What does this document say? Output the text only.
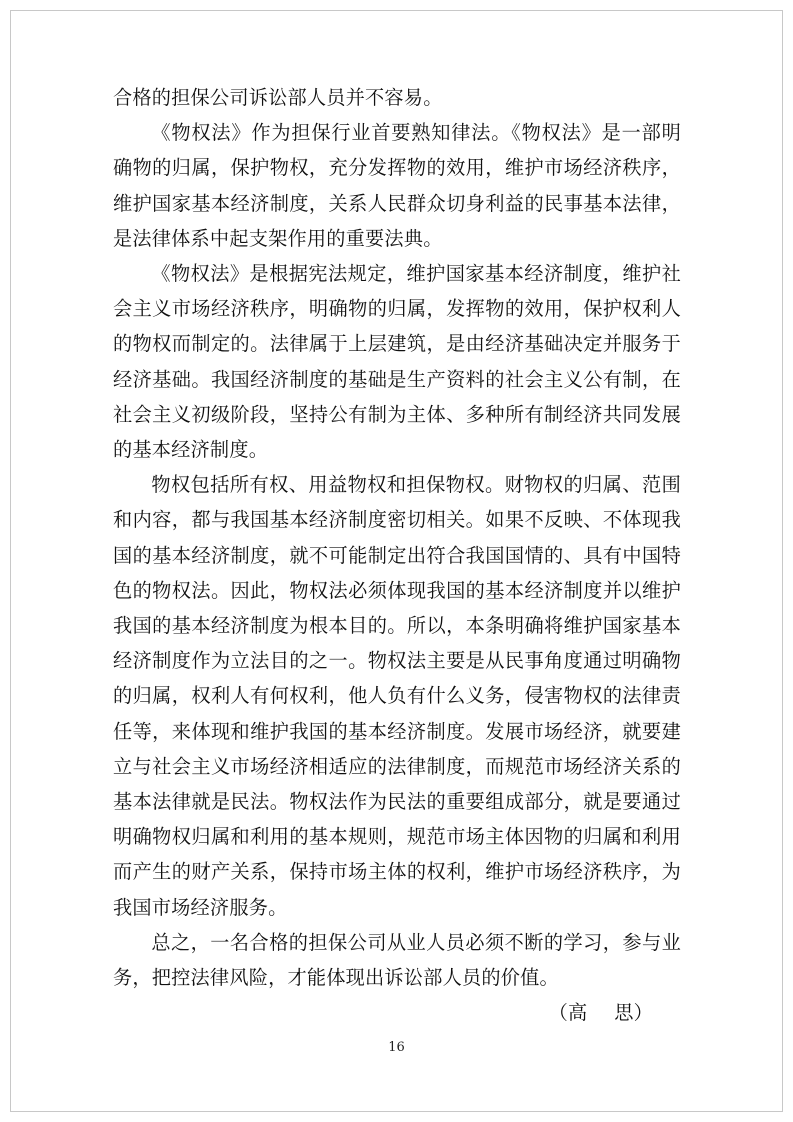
合格的担保公司诉讼部人员并不容易。

《物权法》作为担保行业首要熟知律法。《物权法》是一部明确物的归属，保护物权，充分发挥物的效用，维护市场经济秩序，维护国家基本经济制度，关系人民群众切身利益的民事基本法律，是法律体系中起支架作用的重要法典。

《物权法》是根据宪法规定，维护国家基本经济制度，维护社会主义市场经济秩序，明确物的归属，发挥物的效用，保护权利人的物权而制定的。法律属于上层建筑，是由经济基础决定并服务于经济基础。我国经济制度的基础是生产资料的社会主义公有制，在社会主义初级阶段，坚持公有制为主体、多种所有制经济共同发展的基本经济制度。

物权包括所有权、用益物权和担保物权。财物权的归属、范围和内容，都与我国基本经济制度密切相关。如果不反映、不体现我国的基本经济制度，就不可能制定出符合我国国情的、具有中国特色的物权法。因此，物权法必须体现我国的基本经济制度并以维护我国的基本经济制度为根本目的。所以，本条明确将维护国家基本经济制度作为立法目的之一。物权法主要是从民事角度通过明确物的归属，权利人有何权利，他人负有什么义务，侵害物权的法律责任等，来体现和维护我国的基本经济制度。发展市场经济，就要建立与社会主义市场经济相适应的法律制度，而规范市场经济关系的基本法律就是民法。物权法作为民法的重要组成部分，就是要通过明确物权归属和利用的基本规则，规范市场主体因物的归属和利用而产生的财产关系，保持市场主体的权利，维护市场经济秩序，为我国市场经济服务。

总之，一名合格的担保公司从业人员必须不断的学习，参与业务，把控法律风险，才能体现出诉讼部人员的价值。

（高 思）

16
